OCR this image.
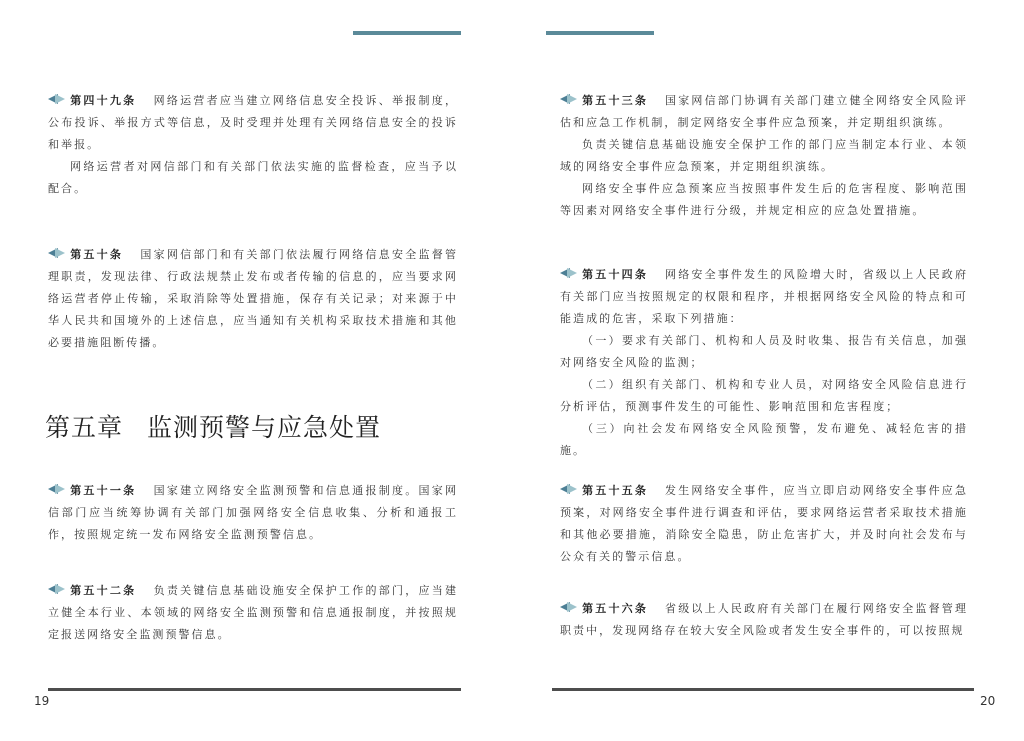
第四十九条 网络运营者应当建立网络信息安全投诉、举报制度，公布投诉、举报方式等信息，及时受理并处理有关网络信息安全的投诉和举报。

网络运营者对网信部门和有关部门依法实施的监督检查，应当予以配合。

第五十条 国家网信部门和有关部门依法履行网络信息安全监督管理职责，发现法律、行政法规禁止发布或者传输的信息的，应当要求网络运营者停止传输，采取消除等处置措施，保存有关记录；对来源于中华人民共和国境外的上述信息，应当通知有关机构采取技术措施和其他必要措施阻断传播。

第五十一条 国家建立网络安全监测预警和信息通报制度。国家网信部门应当统筹协调有关部门加强网络安全信息收集、分析和通报工作，按照规定统一发布网络安全监测预警信息。

第五十二条 负责关键信息基础设施安全保护工作的部门，应当建立健全本行业、本领域的网络安全监测预警和信息通报制度，并按照规定报送网络安全监测预警信息。

第五章 监测预警与应急处置

第五十三条 国家网信部门协调有关部门建立健全网络安全风险评估和应急工作机制，制定网络安全事件应急预案，并定期组织演练。

负责关键信息基础设施安全保护工作的部门应当制定本行业、本领域的网络安全事件应急预案，并定期组织演练。

网络安全事件应急预案应当按照事件发生后的危害程度、影响范围等因素对网络安全事件进行分级，并规定相应的应急处置措施。

第五十四条 网络安全事件发生的风险增大时，省级以上人民政府有关部门应当按照规定的权限和程序，并根据网络安全风险的特点和可能造成的危害，采取下列措施：

（一）要求有关部门、机构和人员及时收集、报告有关信息，加强对网络安全风险的监测；

（二）组织有关部门、机构和专业人员，对网络安全风险信息进行分析评估，预测事件发生的可能性、影响范围和危害程度；

（三）向社会发布网络安全风险预警，发布避免、减轻危害的措施。

第五十五条 发生网络安全事件，应当立即启动网络安全事件应急预案，对网络安全事件进行调查和评估，要求网络运营者采取技术措施和其他必要措施，消除安全隐患，防止危害扩大，并及时向社会发布与公众有关的警示信息。

第五十六条 省级以上人民政府有关部门在履行网络安全监督管理职责中，发现网络存在较大安全风险或者发生安全事件的，可以按照规

19	20
